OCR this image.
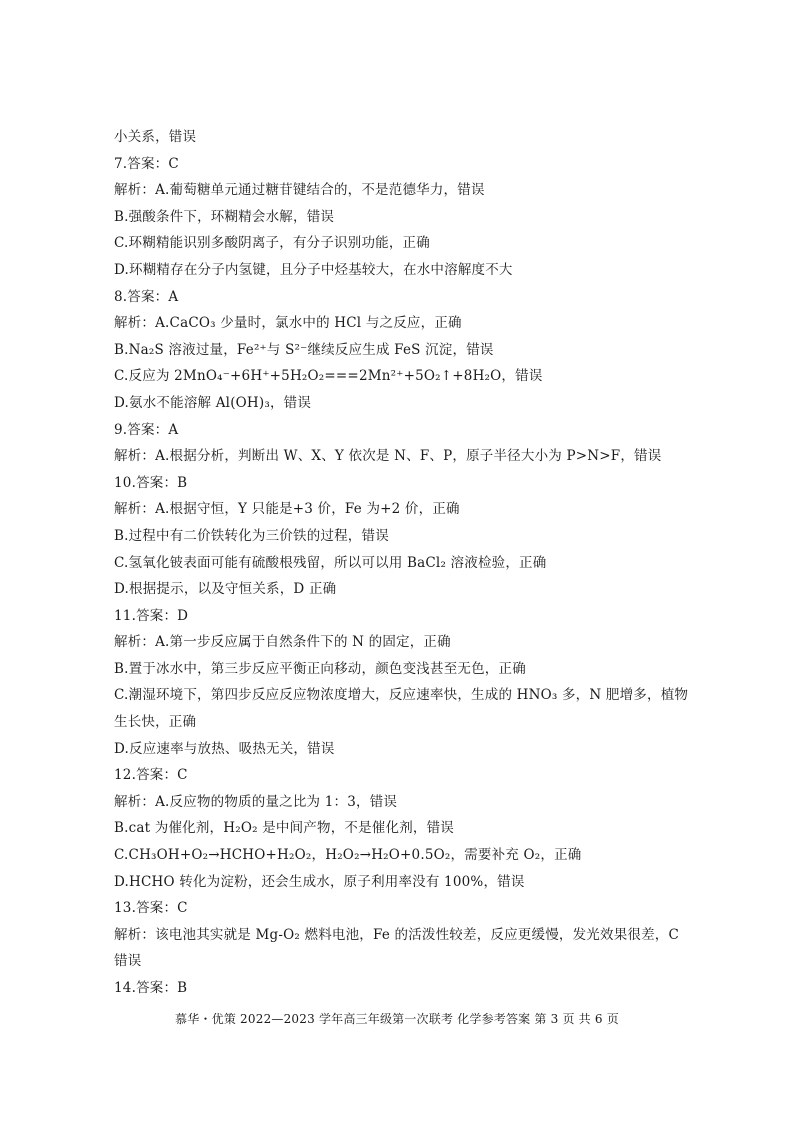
小关系，错误
7.答案：C
解析：A.葡萄糖单元通过糖苷键结合的，不是范德华力，错误
B.强酸条件下，环糊精会水解，错误
C.环糊精能识别多酸阴离子，有分子识别功能，正确
D.环糊精存在分子内氢键，且分子中烃基较大，在水中溶解度不大
8.答案：A
解析：A.CaCO₃ 少量时，氯水中的 HCl 与之反应，正确
B.Na₂S 溶液过量，Fe²⁺与 S²⁻继续反应生成 FeS 沉淀，错误
C.反应为 2MnO₄⁻+6H⁺+5H₂O₂===2Mn²⁺+5O₂↑+8H₂O，错误
D.氨水不能溶解 Al(OH)₃，错误
9.答案：A
解析：A.根据分析，判断出 W、X、Y 依次是 N、F、P，原子半径大小为 P>N>F，错误
10.答案：B
解析：A.根据守恒，Y 只能是+3 价，Fe 为+2 价，正确
B.过程中有二价铁转化为三价铁的过程，错误
C.氢氧化铍表面可能有硫酸根残留，所以可以用 BaCl₂ 溶液检验，正确
D.根据提示，以及守恒关系，D 正确
11.答案：D
解析：A.第一步反应属于自然条件下的 N 的固定，正确
B.置于冰水中，第三步反应平衡正向移动，颜色变浅甚至无色，正确
C.潮湿环境下，第四步反应反应物浓度增大，反应速率快，生成的 HNO₃ 多，N 肥增多，植物
生长快，正确
D.反应速率与放热、吸热无关，错误
12.答案：C
解析：A.反应物的物质的量之比为 1：3，错误
B.cat 为催化剂，H₂O₂ 是中间产物，不是催化剂，错误
C.CH₃OH+O₂→HCHO+H₂O₂，H₂O₂→H₂O+0.5O₂，需要补充 O₂，正确
D.HCHO 转化为淀粉，还会生成水，原子利用率没有 100%，错误
13.答案：C
解析：该电池其实就是 Mg-O₂ 燃料电池，Fe 的活泼性较差，反应更缓慢，发光效果很差，C
错误
14.答案：B
慕华・优策 2022—2023 学年高三年级第一次联考 化学参考答案 第 3 页 共 6 页
